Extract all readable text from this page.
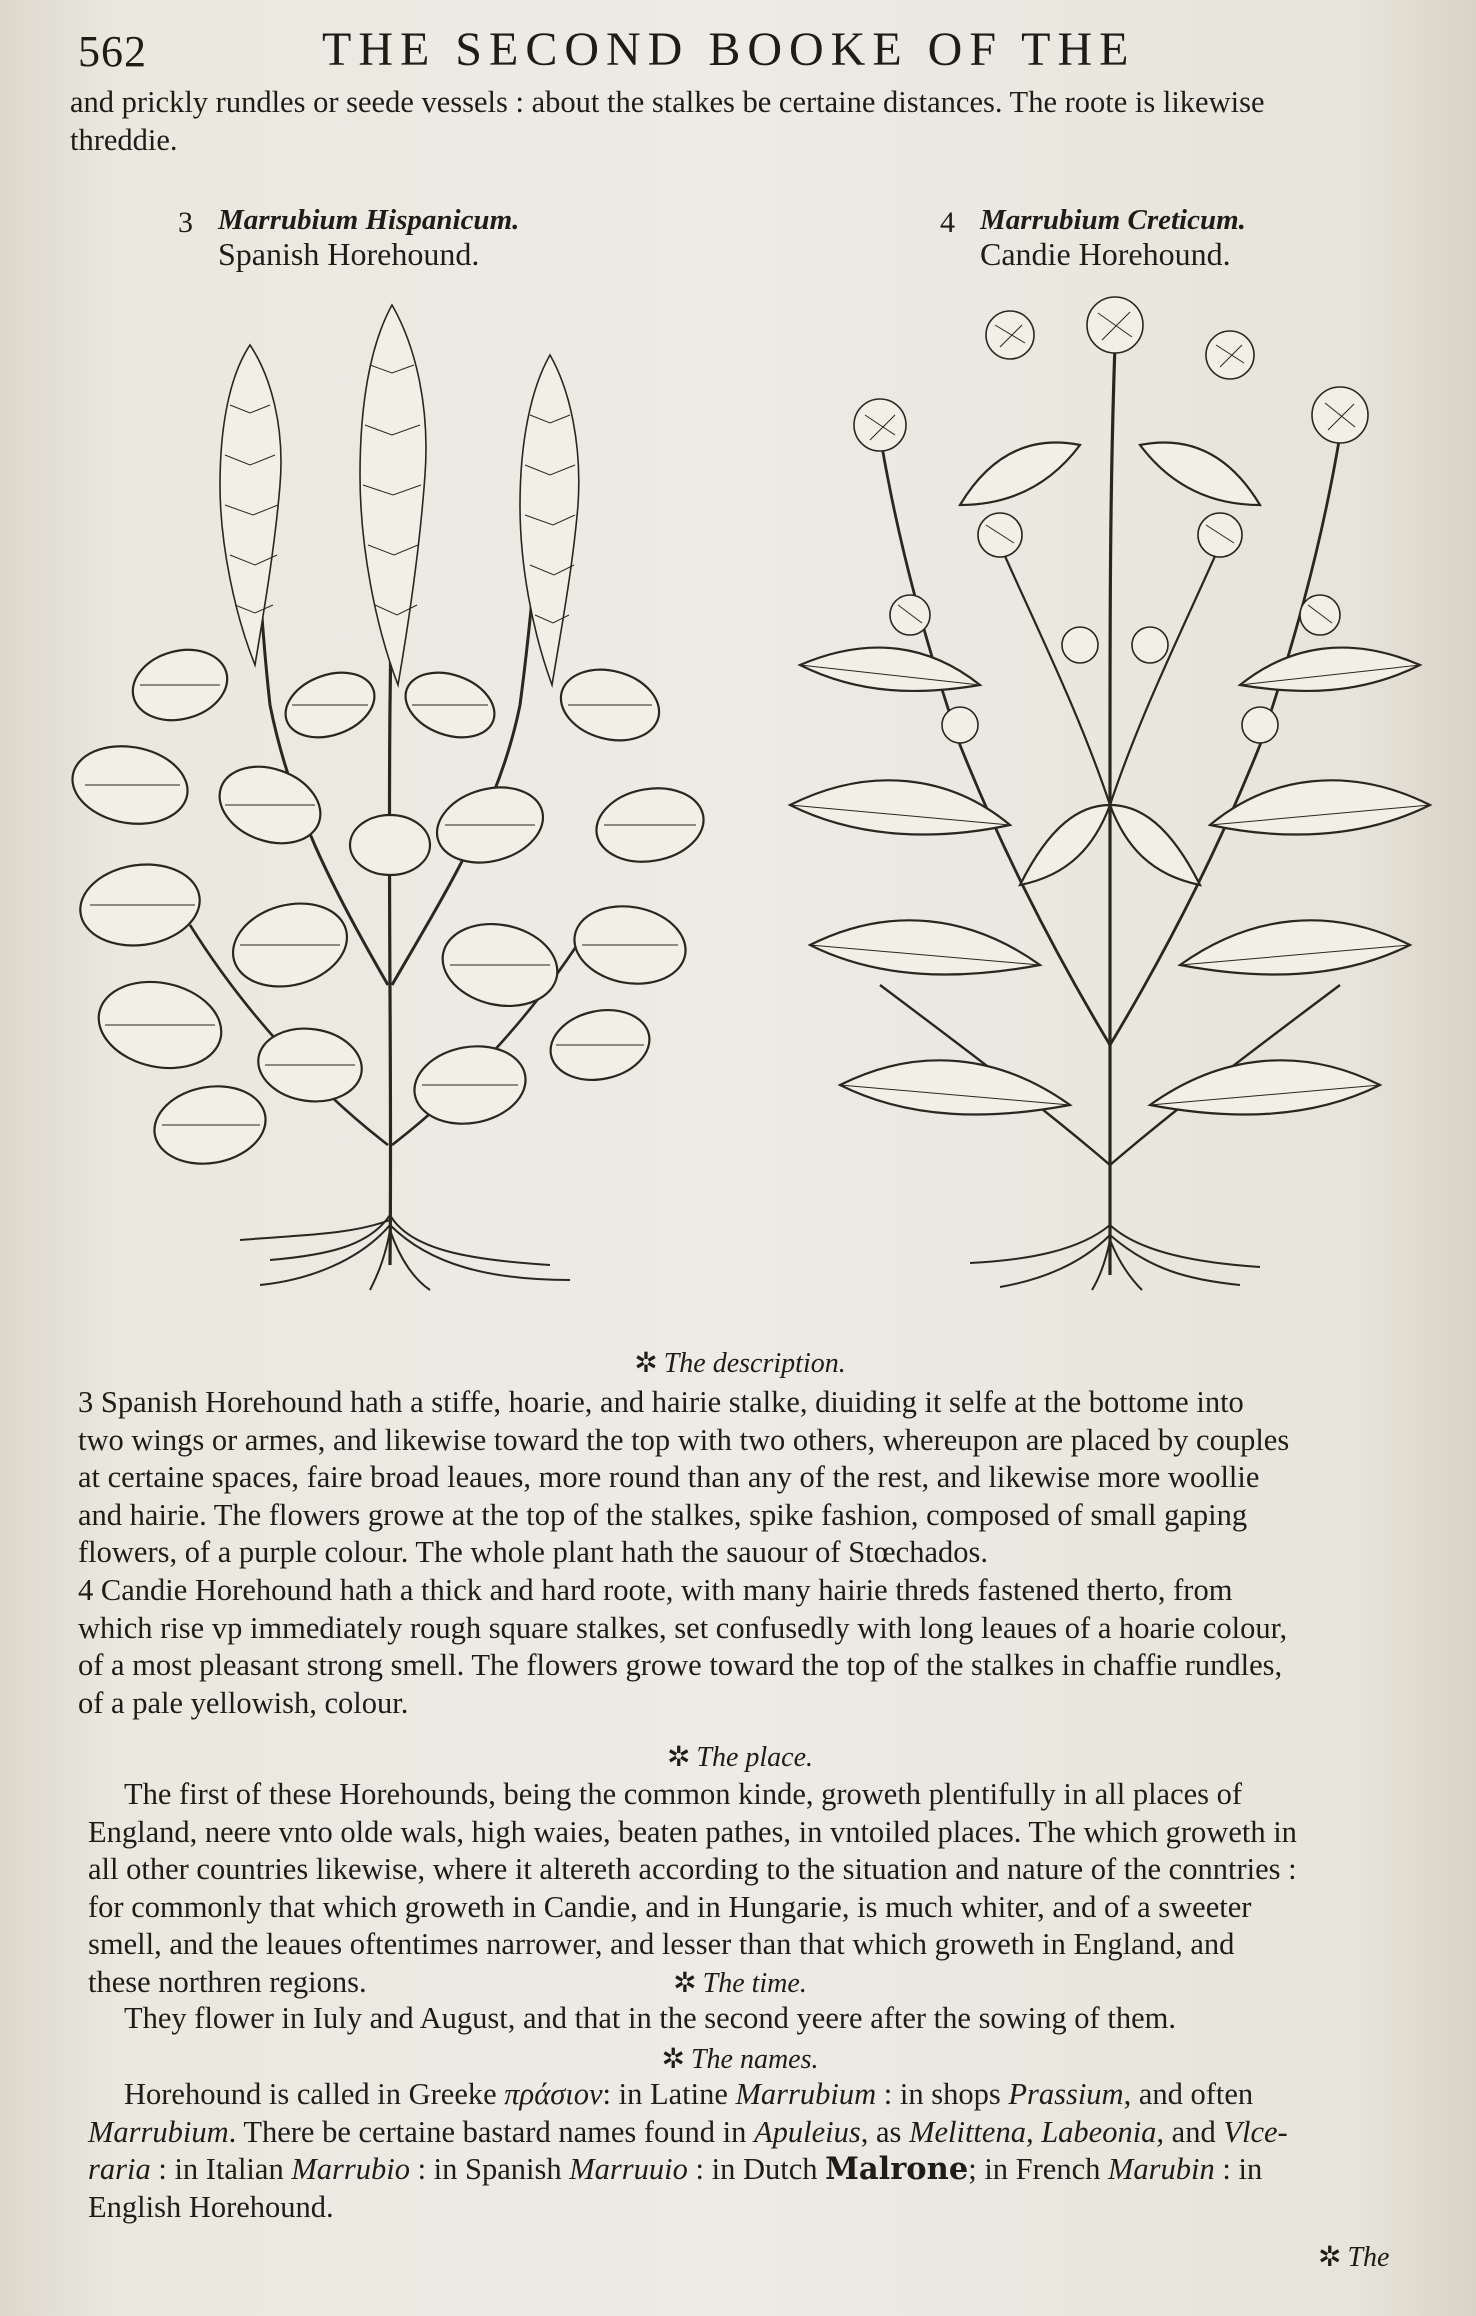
562	THE SECOND BOOKE OF THE

and prickly rundles or seede vessels : about the stalkes be certaine distances. The roote is likewise

threddie.

3 Marrubium Hispanicum.
Spanish Horehound.
4 Marrubium Creticum.
Candie Horehound.
✲ The description.

3 Spanish Horehound hath a stiffe, hoarie, and hairie stalke, diuiding it selfe at the bottome into

two wings or armes, and likewise toward the top with two others, whereupon are placed by couples

at certaine spaces, faire broad leaues, more round than any of the rest, and likewise more woollie

and hairie. The flowers growe at the top of the stalkes, spike fashion, composed of small gaping

flowers, of a purple colour. The whole plant hath the sauour of Stœchados.

4 Candie Horehound hath a thick and hard roote, with many hairie threds fastened therto, from

which rise vp immediately rough square stalkes, set confusedly with long leaues of a hoarie colour,

of a most pleasant strong smell. The flowers growe toward the top of the stalkes in chaffie rundles,

of a pale yellowish, colour.

✲ The place.

The first of these Horehounds, being the common kinde, groweth plentifully in all places of

England, neere vnto olde wals, high waies, beaten pathes, in vntoiled places. The which groweth in

all other countries likewise, where it altereth according to the situation and nature of the conntries :

for commonly that which groweth in Candie, and in Hungarie, is much whiter, and of a sweeter

smell, and the leaues oftentimes narrower, and lesser than that which groweth in England, and

these northren regions.	✲ The time.

They flower in Iuly and August, and that in the second yeere after the sowing of them.

✲ The names.

Horehound is called in Greeke πράσιον: in Latine Marrubium : in shops Prassium, and often

Marrubium. There be certaine bastard names found in Apuleius, as Melittena, Labeonia, and Vlce-

raria : in Italian Marrubio : in Spanish Marruuio : in Dutch Malrone; in French Marubin : in

English Horehound.

✲ The
